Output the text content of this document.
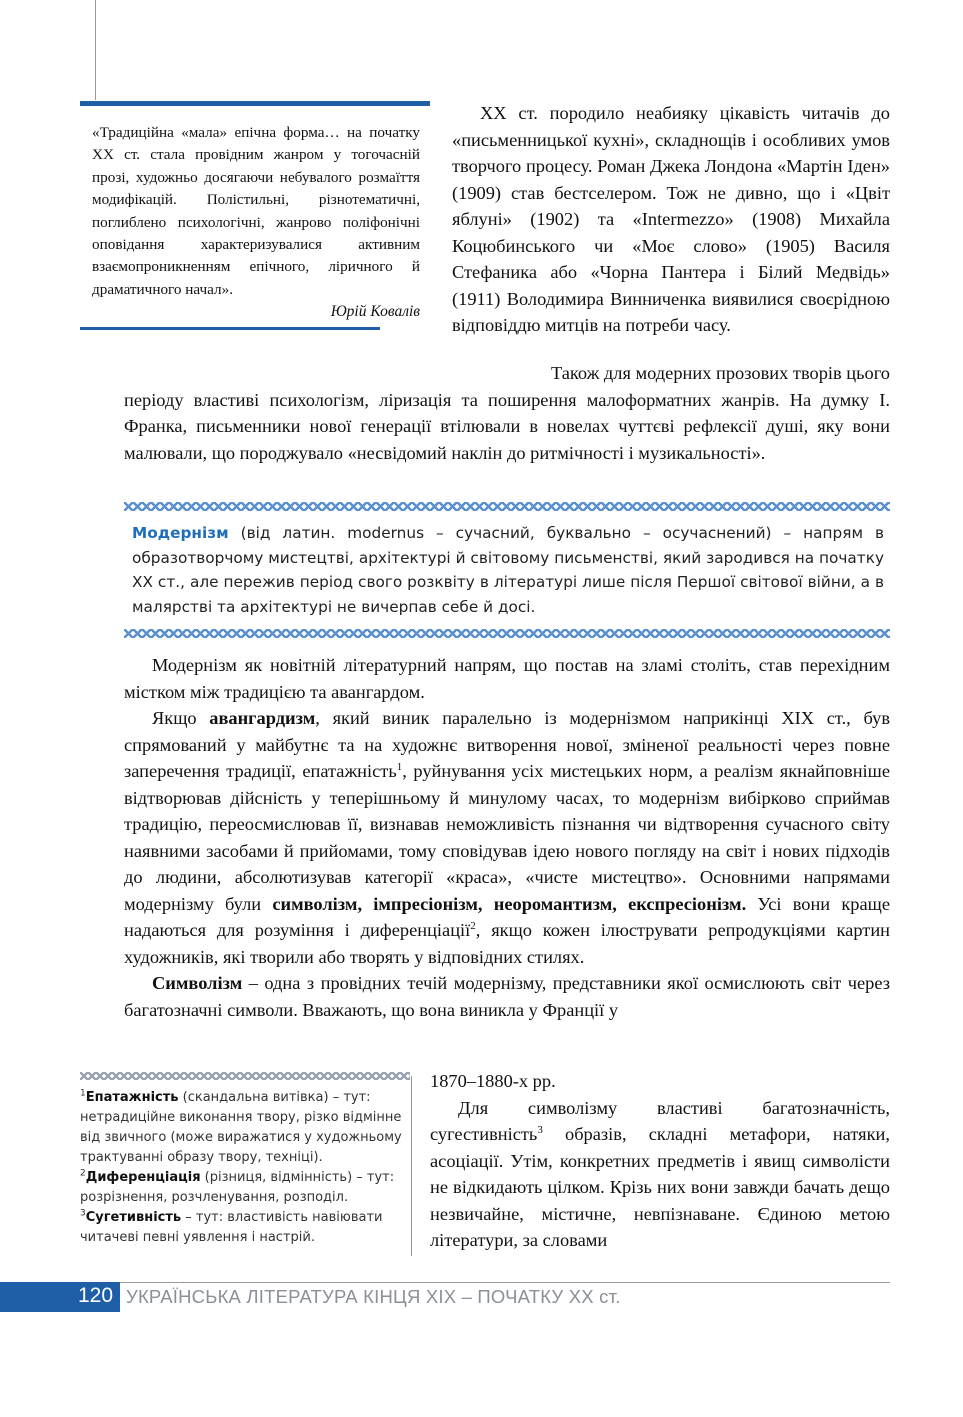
«Традиційна «мала» епічна форма… на початку ХХ ст. стала провідним жанром у тогочасній прозі, художньо досягаючи небувалого розмаїття модифікацій. Полістильні, різнотематичні, поглиблено психологічні, жанрово поліфонічні оповідання характеризувалися активним взаємопроникненням епічного, ліричного й драматичного начал».

Юрій Ковалів

ХХ ст. породило неабияку цікавість читачів до «письменницької кухні», складнощів і особливих умов творчого процесу. Роман Джека Лондона «Мартін Іден» (1909) став бестселером. Тож не дивно, що і «Цвіт яблуні» (1902) та «Intermezzo» (1908) Михайла Коцюбинського чи «Моє слово» (1905) Василя Стефаника або «Чорна Пантера і Білий Медвідь» (1911) Володимира Винниченка виявилися своєрідною відповіддю митців на потреби часу.

Також для модерних прозових творів цього

періоду властиві психологізм, ліризація та поширення малоформатних жанрів. На думку І. Франка, письменники нової генерації втілювали в новелах чуттєві рефлексії душі, яку вони малювали, що породжувало «несвідомий наклін до ритмічності і музикальності».

Модернізм (від латин. modernus – сучасний, буквально – осучаснений) – напрям в образотворчому мистецтві, архітектурі й світовому письменстві, який зародився на початку ХХ ст., але пережив період свого розквіту в літературі лише після Першої світової війни, а в малярстві та архітектурі не вичерпав себе й досі.

Модернізм як новітній літературний напрям, що постав на зламі століть, став перехідним містком між традицією та авангардом.

Якщо авангардизм, який виник паралельно із модернізмом наприкінці ХІХ ст., був спрямований у майбутнє та на художнє витворення нової, зміненої реальності через повне заперечення традиції, епатажність$^1$, руйнування усіх мистецьких норм, а реалізм якнайповніше відтворював дійсність у теперішньому й минулому часах, то модернізм вибірково сприймав традицію, переосмислював її, визнавав неможливість пізнання чи відтворення сучасного світу наявними засобами й прийомами, тому сповідував ідею нового погляду на світ і нових підходів до людини, абсолютизував категорії «краса», «чисте мистецтво». Основними напрямами модернізму були символізм, імпресіонізм, неоромантизм, експресіонізм. Усі вони краще надаються для розуміння і диференціації$^2$, якщо кожен ілюструвати репродукціями картин художників, які творили або творять у відповідних стилях.

Символізм – одна з провідних течій модернізму, представники якої осмислюють світ через багатозначні символи. Вважають, що вона виникла у Франції у

$^1$Епатажність (скандальна витівка) – тут: нетрадиційне виконання твору, різко відмінне від звичного (може виражатися у художньому трактуванні образу твору, техніці).

$^2$Диференціація (різниця, відмінність) – тут: розрізнення, розчленування, розподіл.

$^3$Сугетивність – тут: властивість навіювати читачеві певні уявлення і настрій.

1870–1880-х рр.

Для символізму властиві багатозначність, сугестивність$^3$ образів, складні метафори, натяки, асоціації. Утім, конкретних предметів і явищ символісти не відкидають цілком. Крізь них вони завжди бачать дещо незвичайне, містичне, невпізнаване. Єдиною метою літератури, за словами

120 УКРАЇНСЬКА ЛІТЕРАТУРА КІНЦЯ ХІХ – ПОЧАТКУ ХХ ст.
